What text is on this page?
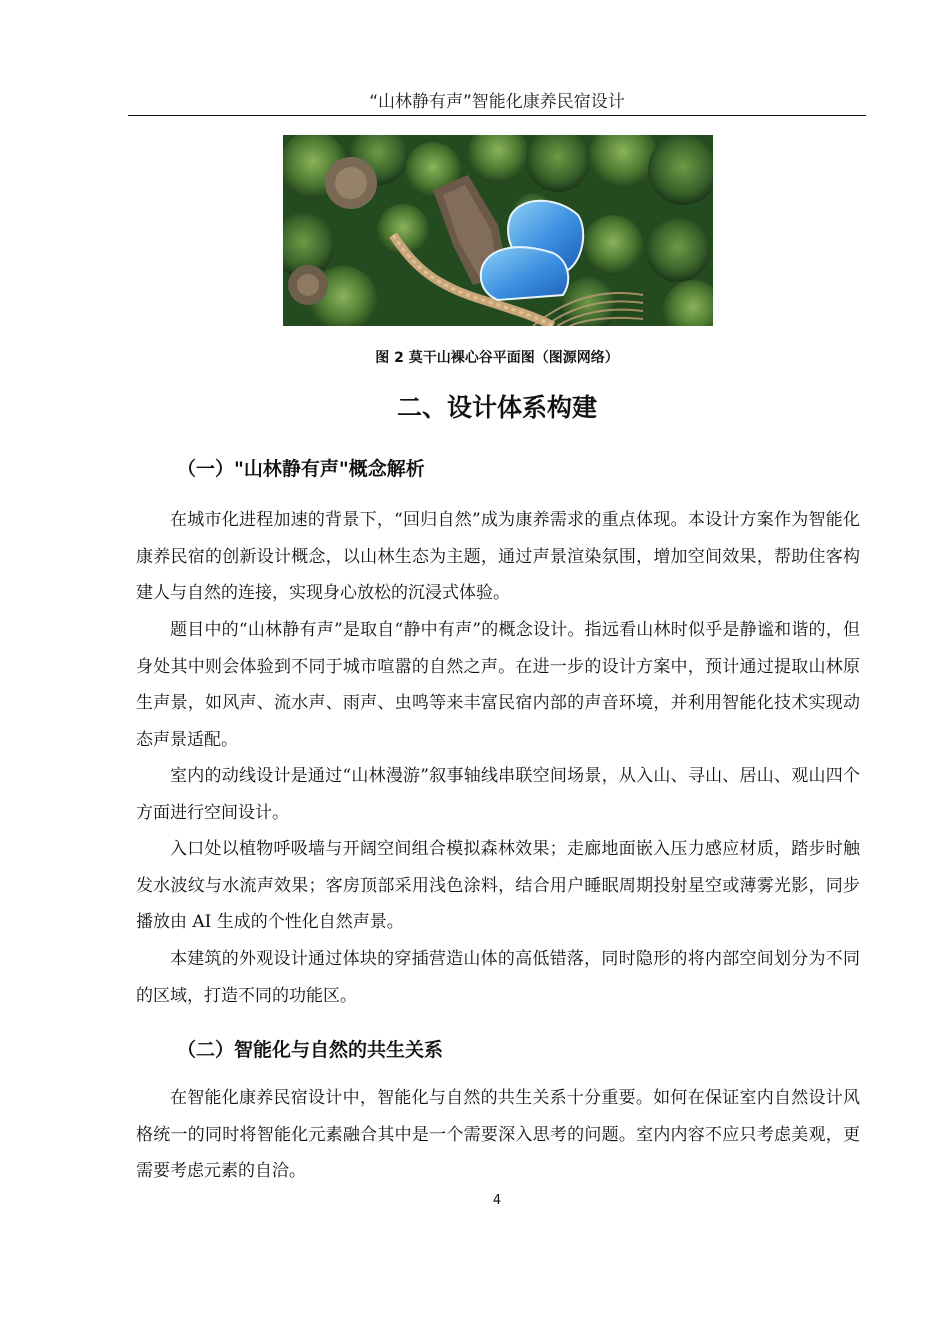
“山林静有声”智能化康养民宿设计
图 2 莫干山裸心谷平面图（图源网络）
二、设计体系构建
（一）"山林静有声"概念解析

在城市化进程加速的背景下，“回归自然”成为康养需求的重点体现。本设计方案作为智能化康养民宿的创新设计概念，以山林生态为主题，通过声景渲染氛围，增加空间效果，帮助住客构建人与自然的连接，实现身心放松的沉浸式体验。

题目中的“山林静有声”是取自“静中有声”的概念设计。指远看山林时似乎是静谧和谐的，但身处其中则会体验到不同于城市喧嚣的自然之声。在进一步的设计方案中，预计通过提取山林原生声景，如风声、流水声、雨声、虫鸣等来丰富民宿内部的声音环境，并利用智能化技术实现动态声景适配。

室内的动线设计是通过“山林漫游”叙事轴线串联空间场景，从入山、寻山、居山、观山四个方面进行空间设计。

入口处以植物呼吸墙与开阔空间组合模拟森林效果；走廊地面嵌入压力感应材质，踏步时触发水波纹与水流声效果；客房顶部采用浅色涂料，结合用户睡眠周期投射星空或薄雾光影，同步播放由 AI 生成的个性化自然声景。

本建筑的外观设计通过体块的穿插营造山体的高低错落，同时隐形的将内部空间划分为不同的区域，打造不同的功能区。

（二）智能化与自然的共生关系

在智能化康养民宿设计中，智能化与自然的共生关系十分重要。如何在保证室内自然设计风格统一的同时将智能化元素融合其中是一个需要深入思考的问题。室内内容不应只考虑美观，更需要考虑元素的自洽。

4
